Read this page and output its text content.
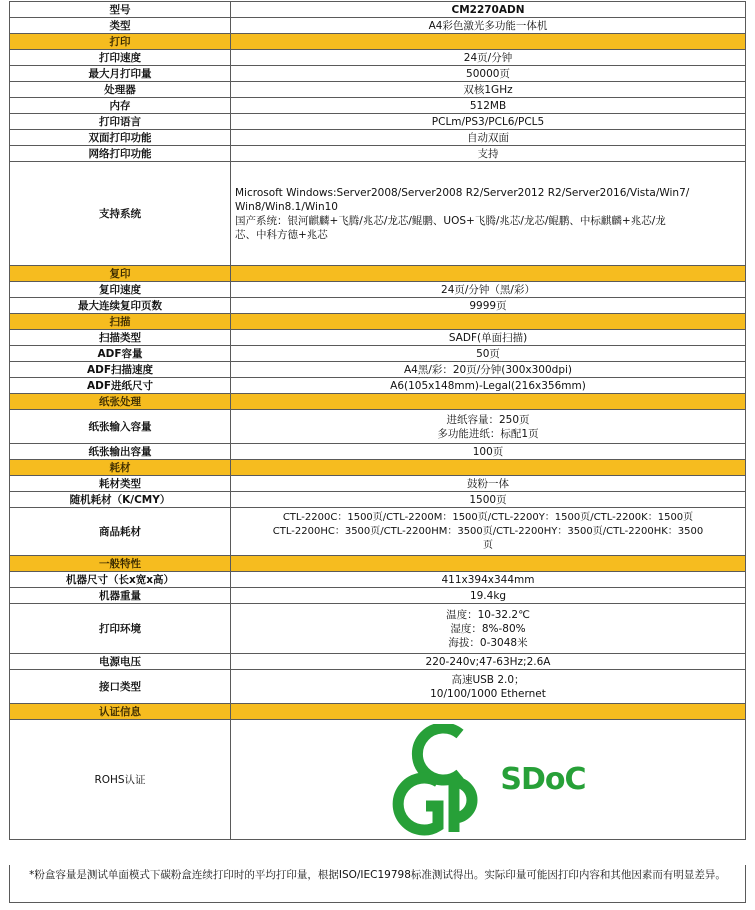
型号	CM2270ADN
类型	A4彩色激光多功能一体机
打印	
打印速度	24页/分钟
最大月打印量	50000页
处理器	双核1GHz
内存	512MB
打印语言	PCLm/PS3/PCL6/PCL5
双面打印功能	自动双面
网络打印功能	支持
支持系统	Microsoft Windows:Server2008/Server2008 R2/Server2012 R2/Server2016/Vista/Win7/
Win8/Win8.1/Win10
国产系统：银河麒麟+飞腾/兆芯/龙芯/鲲鹏、UOS+飞腾/兆芯/龙芯/鲲鹏、中标麒麟+兆芯/龙
芯、中科方德+兆芯

复印	
复印速度	24页/分钟（黑/彩）
最大连续复印页数	9999页
扫描	
扫描类型	SADF(单面扫描)
ADF容量	50页
ADF扫描速度	A4黑/彩：20页/分钟(300x300dpi)
ADF进纸尺寸	A6(105x148mm)-Legal(216x356mm)
纸张处理	
纸张输入容量	进纸容量：250页
多功能进纸：标配1页

纸张输出容量	100页
耗材	
耗材类型	鼓粉一体
随机耗材（K/CMY）	1500页
商品耗材	CTL-2200C：1500页/CTL-2200M：1500页/CTL-2200Y：1500页/CTL-2200K：1500页
CTL-2200HC：3500页/CTL-2200HM：3500页/CTL-2200HY：3500页/CTL-2200HK：3500
页

一般特性	
机器尺寸（长x宽x高）	411x394x344mm
机器重量	19.4kg
打印环境	温度：10-32.2℃
湿度：8%-80%
海拔：0-3048米

电源电压	220-240v;47-63Hz;2.6A
接口类型	高速USB 2.0；
10/100/1000 Ethernet

认证信息	
ROHS认证	SDoC
*粉盒容量是测试单面模式下碳粉盒连续打印时的平均打印量，根据ISO/IEC19798标准测试得出。实际印量可能因打印内容和其他因素而有明显差异。
